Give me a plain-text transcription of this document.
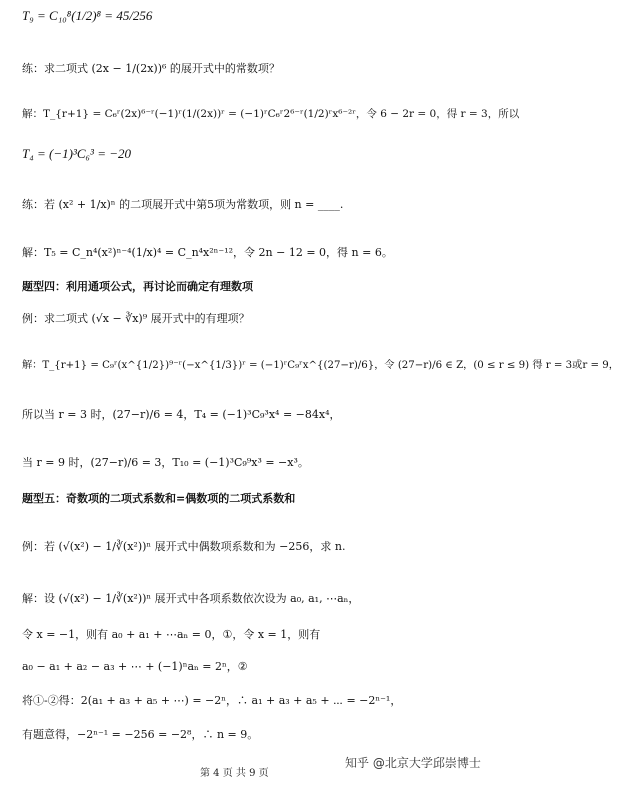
T₉ = C₁₀⁸(1/2)⁸ = 45/256
练：求二项式 (2x − 1/(2x))⁶ 的展开式中的常数项？
解：T_{r+1} = C₆ʳ(2x)⁶⁻ʳ(−1)ʳ(1/(2x))ʳ = (−1)ʳC₆ʳ2⁶⁻ʳ(1/2)ʳx⁶⁻²ʳ，令 6 − 2r = 0，得 r = 3，所以
T₄ = (−1)³C₆³ = −20
练：若 (x² + 1/x)ⁿ 的二项展开式中第5项为常数项，则 n = ____.
解：T₅ = C_n⁴(x²)ⁿ⁻⁴(1/x)⁴ = C_n⁴x²ⁿ⁻¹²，令 2n − 12 = 0，得 n = 6。
题型四：利用通项公式，再讨论而确定有理数项
例：求二项式 (√x − ∛x)⁹ 展开式中的有理项？
解：T_{r+1} = C₉ʳ(x^{1/2})⁹⁻ʳ(−x^{1/3})ʳ = (−1)ʳC₉ʳx^{(27−r)/6}，令 (27−r)/6 ∈ Z，(0 ≤ r ≤ 9) 得 r = 3或r = 9，
所以当 r = 3 时，(27−r)/6 = 4，T₄ = (−1)³C₉³x⁴ = −84x⁴，
当 r = 9 时，(27−r)/6 = 3，T₁₀ = (−1)³C₉⁹x³ = −x³。
题型五：奇数项的二项式系数和=偶数项的二项式系数和
例：若 (√(x²) − 1/∛(x²))ⁿ 展开式中偶数项系数和为 −256，求 n.
解：设 (√(x²) − 1/∛(x²))ⁿ 展开式中各项系数依次设为 a₀, a₁, ⋯aₙ，
令 x = −1，则有 a₀ + a₁ + ⋯aₙ = 0，①，令 x = 1，则有
a₀ − a₁ + a₂ − a₃ + ⋯ + (−1)ⁿaₙ = 2ⁿ，②
将①-②得：2(a₁ + a₃ + a₅ + ⋯) = −2ⁿ，∴ a₁ + a₃ + a₅ + ⋯ = −2ⁿ⁻¹，
有题意得，−2ⁿ⁻¹ = −256 = −2⁸，∴ n = 9。
第 4 页 共 9 页
知乎 @北京大学邱崇博士
